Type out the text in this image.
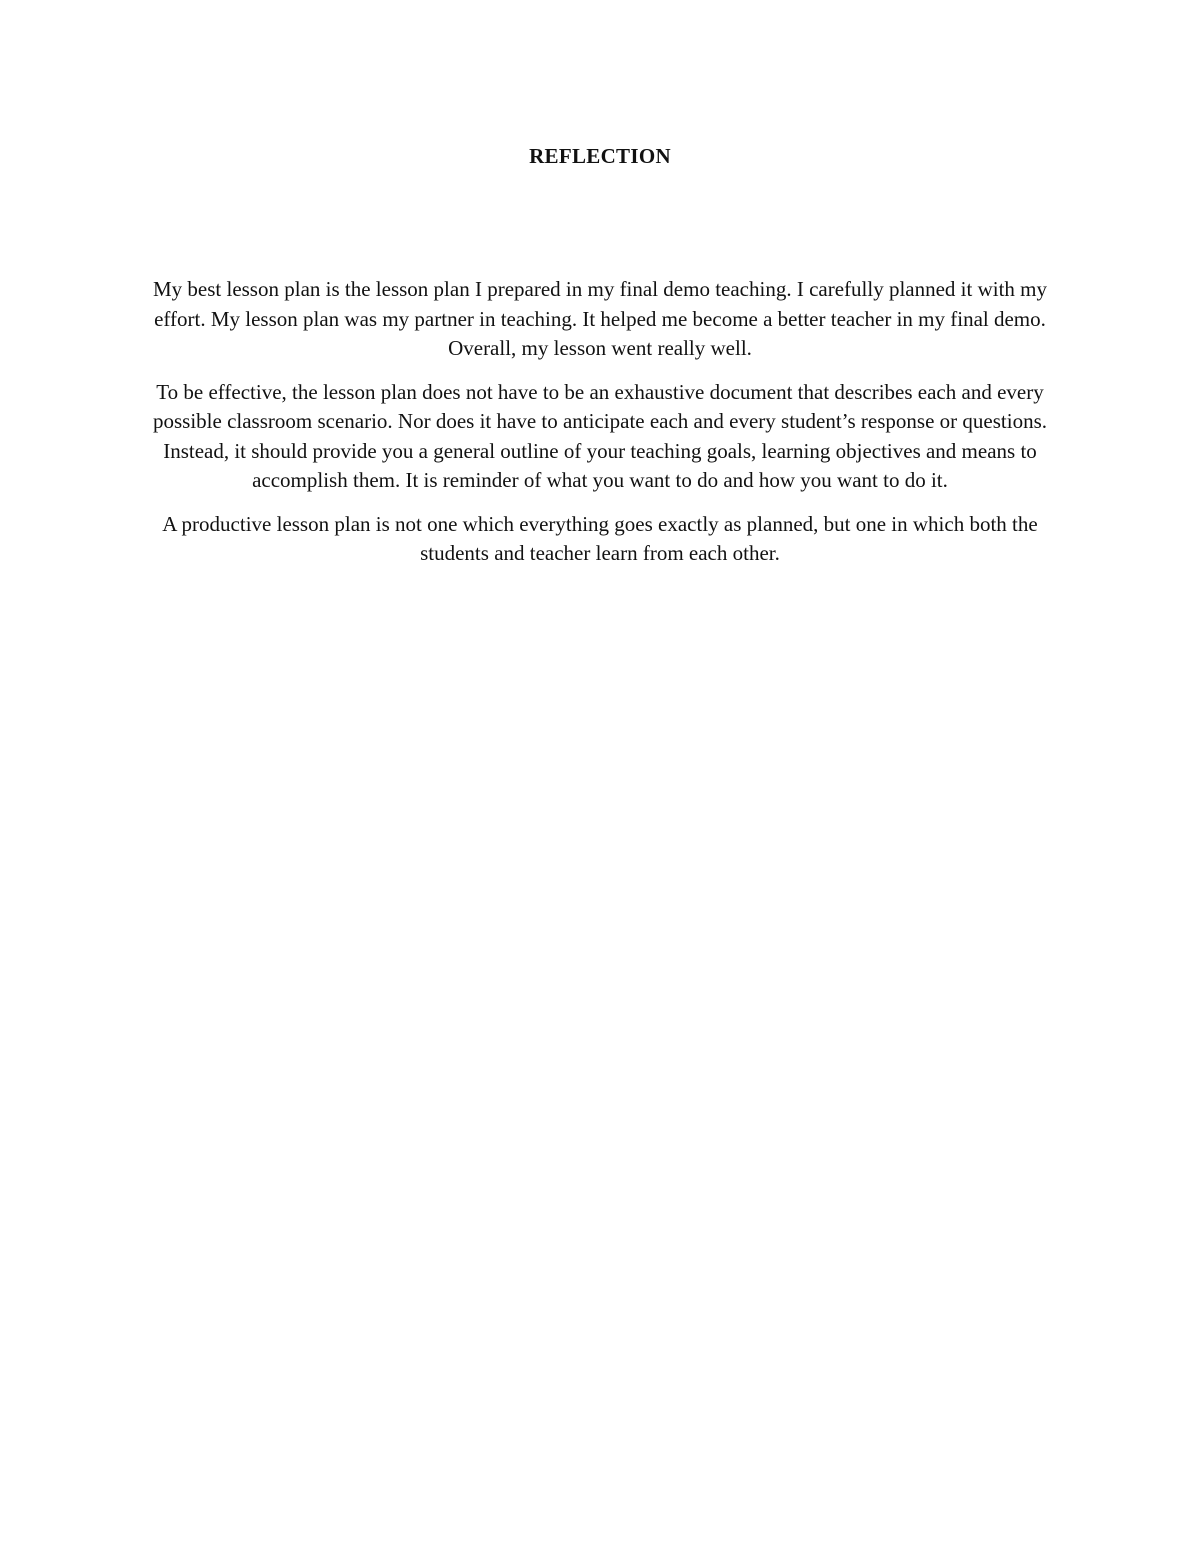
REFLECTION

My best lesson plan is the lesson plan I prepared in my final demo teaching. I carefully planned it with my effort. My lesson plan was my partner in teaching. It helped me become a better teacher in my final demo. Overall, my lesson went really well.

To be effective, the lesson plan does not have to be an exhaustive document that describes each and every possible classroom scenario. Nor does it have to anticipate each and every student’s response or questions. Instead, it should provide you a general outline of your teaching goals, learning objectives and means to accomplish them. It is reminder of what you want to do and how you want to do it.

A productive lesson plan is not one which everything goes exactly as planned, but one in which both the students and teacher learn from each other.
